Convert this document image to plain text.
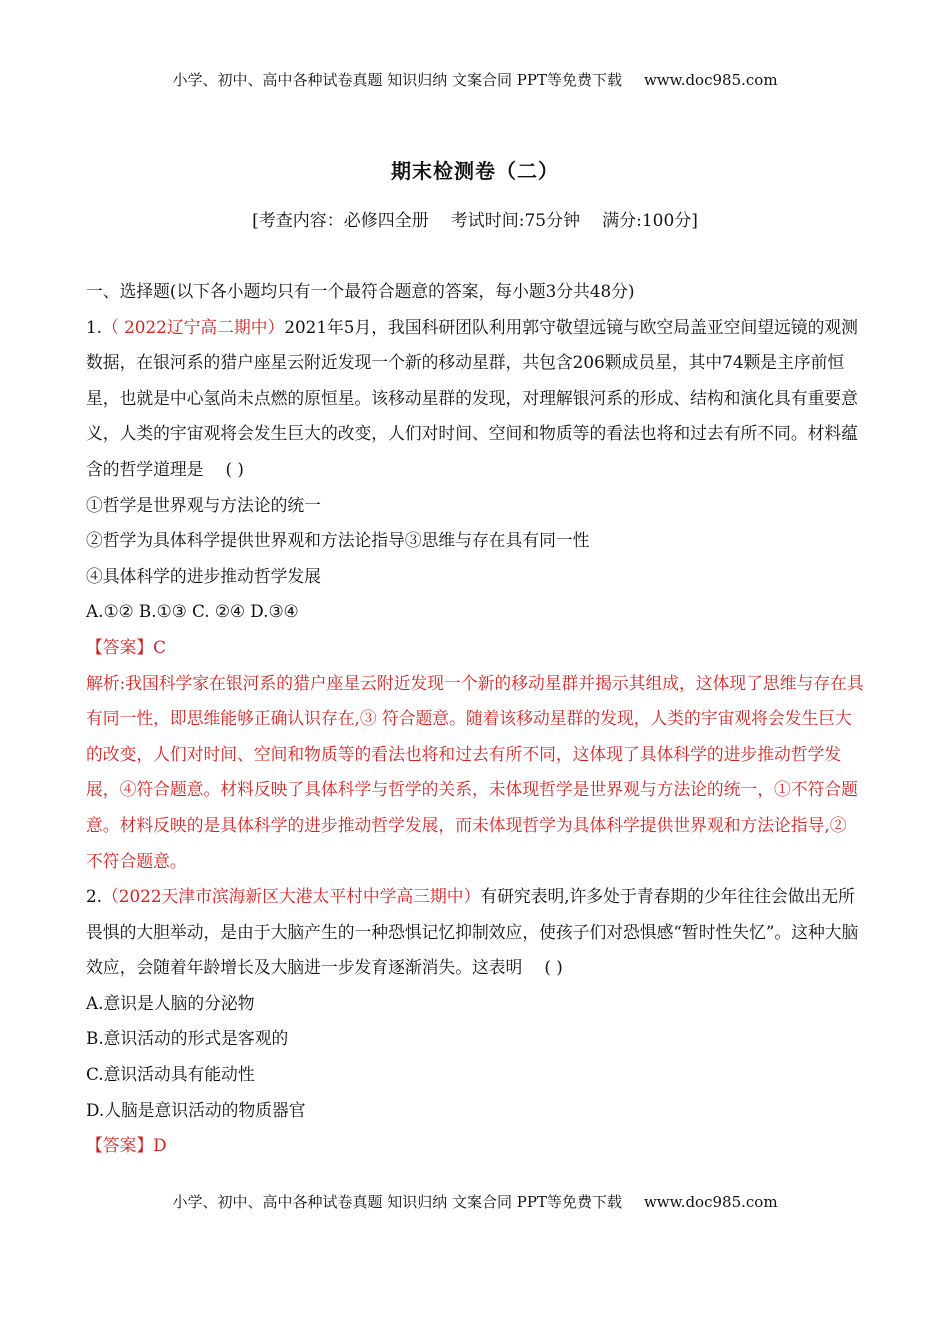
小学、初中、高中各种试卷真题 知识归纳 文案合同 PPT等免费下载 www.doc985.com
期末检测卷（二）
[考查内容：必修四全册 考试时间:75分钟 满分:100分]

一、选择题(以下各小题均只有一个最符合题意的答案，每小题3分共48分)

1.（ 2022辽宁高二期中）2021年5月，我国科研团队利用郭守敬望远镜与欧空局盖亚空间望远镜的观测数据，在银河系的猎户座星云附近发现一个新的移动星群，共包含206颗成员星，其中74颗是主序前恒星，也就是中心氢尚未点燃的原恒星。该移动星群的发现，对理解银河系的形成、结构和演化具有重要意义，人类的宇宙观将会发生巨大的改变，人们对时间、空间和物质等的看法也将和过去有所不同。材料蕴含的哲学道理是 ( )

①哲学是世界观与方法论的统一

②哲学为具体科学提供世界观和方法论指导③思维与存在具有同一性

④具体科学的进步推动哲学发展

A.①② B.①③ C. ②④ D.③④

【答案】C

解析:我国科学家在银河系的猎户座星云附近发现一个新的移动星群并揭示其组成，这体现了思维与存在具有同一性，即思维能够正确认识存在,③ 符合题意。随着该移动星群的发现，人类的宇宙观将会发生巨大的改变，人们对时间、空间和物质等的看法也将和过去有所不同，这体现了具体科学的进步推动哲学发展，④符合题意。材料反映了具体科学与哲学的关系，未体现哲学是世界观与方法论的统一，①不符合题意。材料反映的是具体科学的进步推动哲学发展，而未体现哲学为具体科学提供世界观和方法论指导,② 不符合题意。

2.（2022天津市滨海新区大港太平村中学高三期中）有研究表明,许多处于青春期的少年往往会做出无所畏惧的大胆举动，是由于大脑产生的一种恐惧记忆抑制效应，使孩子们对恐惧感“暂时性失忆”。这种大脑效应，会随着年龄增长及大脑进一步发育逐渐消失。这表明 ( )

A.意识是人脑的分泌物

B.意识活动的形式是客观的

C.意识活动具有能动性

D.人脑是意识活动的物质器官

【答案】D

小学、初中、高中各种试卷真题 知识归纳 文案合同 PPT等免费下载 www.doc985.com
